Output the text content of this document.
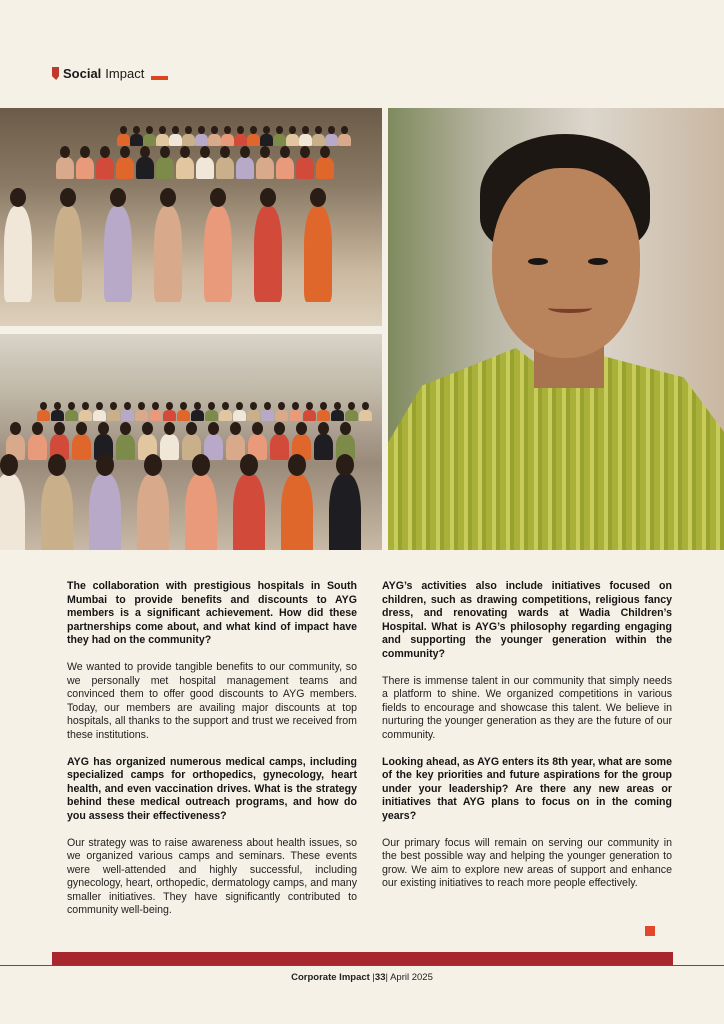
Social Impact

The collaboration with prestigious hospitals in South Mumbai to provide benefits and discounts to AYG members is a significant achievement. How did these partnerships come about, and what kind of impact have they had on the community?

We wanted to provide tangible benefits to our community, so we personally met hospital management teams and convinced them to offer good discounts to AYG members. Today, our members are availing major discounts at top hospitals, all thanks to the support and trust we received from these institutions.

AYG has organized numerous medical camps, including specialized camps for orthopedics, gynecology, heart health, and even vaccination drives. What is the strategy behind these medical outreach programs, and how do you assess their effectiveness?

Our strategy was to raise awareness about health issues, so we organized various camps and seminars. These events were well-attended and highly successful, including gynecology, heart, orthopedic, dermatology camps, and many smaller initiatives. They have significantly contributed to community well-being.

AYG’s activities also include initiatives focused on children, such as drawing competitions, religious fancy dress, and renovating wards at Wadia Children’s Hospital. What is AYG’s philosophy regarding engaging and supporting the younger generation within the community?

There is immense talent in our community that simply needs a platform to shine. We organized competitions in various fields to encourage and showcase this talent. We believe in nurturing the younger generation as they are the future of our community.

Looking ahead, as AYG enters its 8th year, what are some of the key priorities and future aspirations for the group under your leadership? Are there any new areas or initiatives that AYG plans to focus on in the coming years?

Our primary focus will remain on serving our community in the best possible way and helping the younger generation to grow. We aim to explore new areas of support and enhance our existing initiatives to reach more people effectively.

Corporate Impact |33| April 2025
